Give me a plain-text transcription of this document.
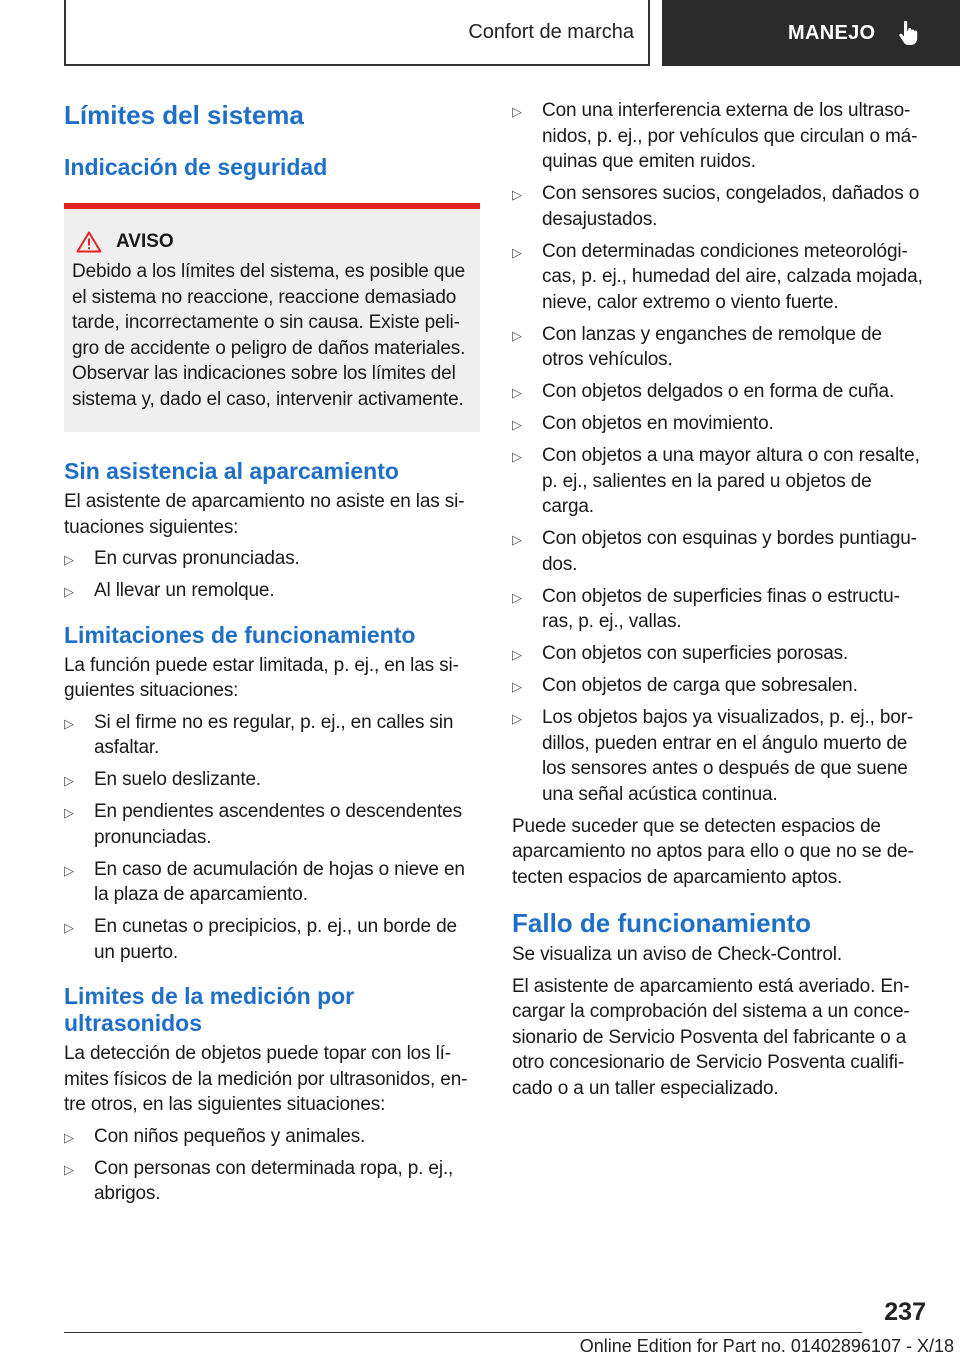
Confort de marcha	MANEJO
Límites del sistema
Indicación de seguridad
AVISO

Debido a los límites del sistema, es posible que el sistema no reaccione, reaccione demasiado tarde, incorrectamente o sin causa. Existe peli-gro de accidente o peligro de daños materiales. Observar las indicaciones sobre los límites del sistema y, dado el caso, intervenir activamente.

Sin asistencia al aparcamiento

El asistente de aparcamiento no asiste en las si-tuaciones siguientes:

▷ En curvas pronunciadas.
▷ Al llevar un remolque.
Limitaciones de funcionamiento

La función puede estar limitada, p. ej., en las si-guientes situaciones:

▷ Si el firme no es regular, p. ej., en calles sin asfaltar.
▷ En suelo deslizante.
▷ En pendientes ascendentes o descendentes pronunciadas.
▷ En caso de acumulación de hojas o nieve en la plaza de aparcamiento.
▷ En cunetas o precipicios, p. ej., un borde de un puerto.
Limites de la medición por ultrasonidos

La detección de objetos puede topar con los lí-mites físicos de la medición por ultrasonidos, en-tre otros, en las siguientes situaciones:

▷ Con niños pequeños y animales.
▷ Con personas con determinada ropa, p. ej., abrigos.
▷ Con una interferencia externa de los ultraso-nidos, p. ej., por vehículos que circulan o má-quinas que emiten ruidos.
▷ Con sensores sucios, congelados, dañados o desajustados.
▷ Con determinadas condiciones meteorológi-cas, p. ej., humedad del aire, calzada mojada, nieve, calor extremo o viento fuerte.
▷ Con lanzas y enganches de remolque de otros vehículos.
▷ Con objetos delgados o en forma de cuña.
▷ Con objetos en movimiento.
▷ Con objetos a una mayor altura o con resalte, p. ej., salientes en la pared u objetos de carga.
▷ Con objetos con esquinas y bordes puntiagu-dos.
▷ Con objetos de superficies finas o estructu-ras, p. ej., vallas.
▷ Con objetos con superficies porosas.
▷ Con objetos de carga que sobresalen.
▷ Los objetos bajos ya visualizados, p. ej., bor-dillos, pueden entrar en el ángulo muerto de los sensores antes o después de que suene una señal acústica continua.

Puede suceder que se detecten espacios de aparcamiento no aptos para ello o que no se de-tecten espacios de aparcamiento aptos.

Fallo de funcionamiento

Se visualiza un aviso de Check-Control.

El asistente de aparcamiento está averiado. En-cargar la comprobación del sistema a un conce-sionario de Servicio Posventa del fabricante o a otro concesionario de Servicio Posventa cualifi-cado o a un taller especializado.

237
Online Edition for Part no. 01402896107 - X/18
